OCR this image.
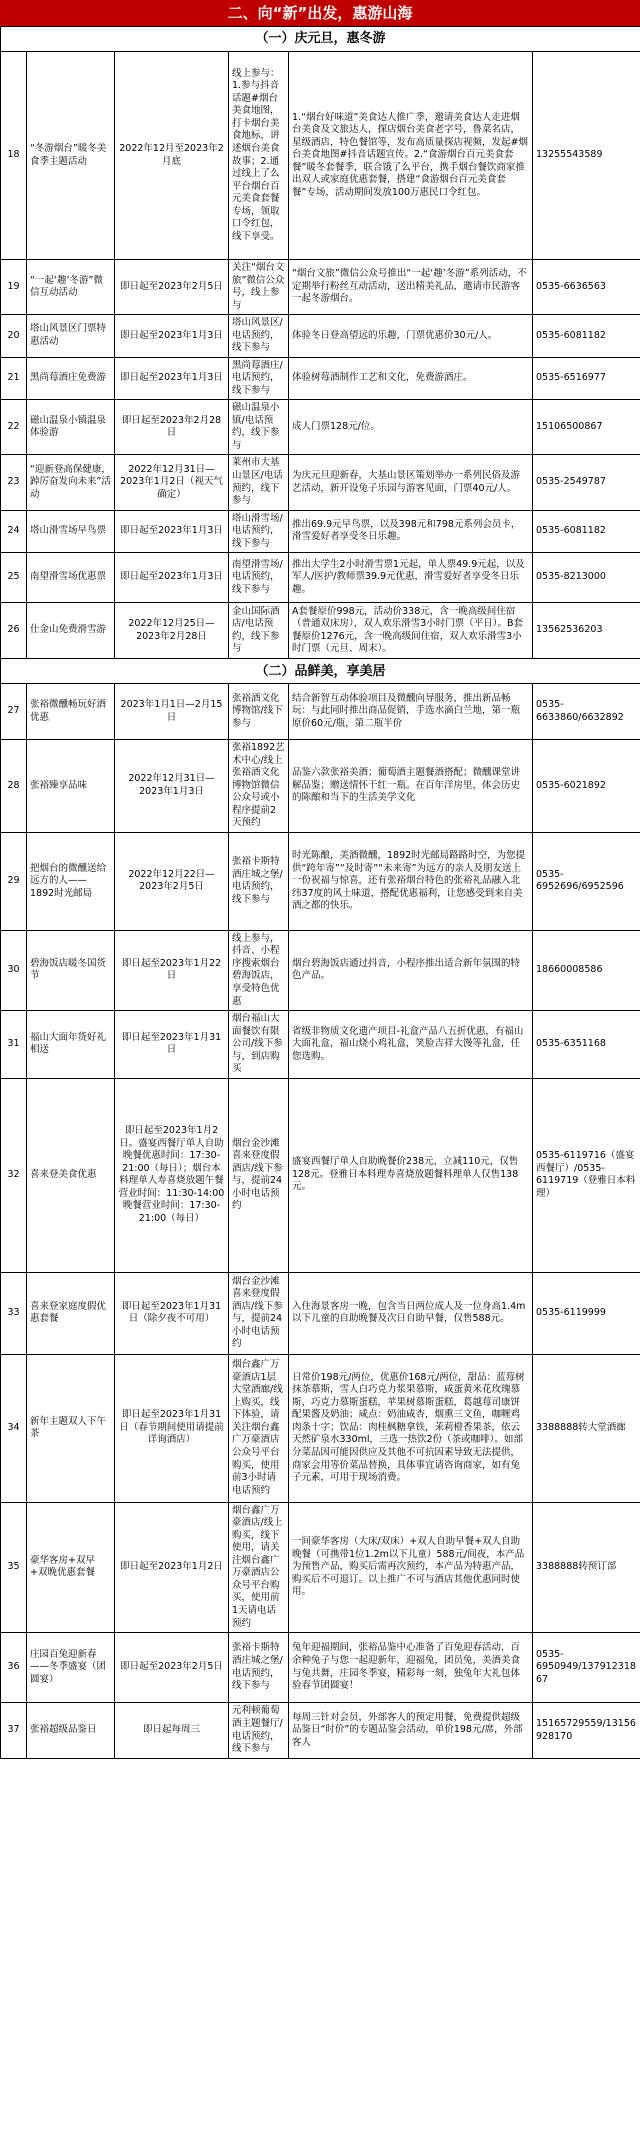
二、向“新”出发，惠游山海
（一）庆元旦，惠冬游					
18	“冬游烟台”暖冬美食季主题活动	2022年12月至2023年2月底	线上参与：1.参与抖音话题#烟台美食地图，打卡烟台美食地标，讲述烟台美食故事；2.通过线上了么平台烟台百元美食套餐专场，领取口令红包，线下享受。	1.“烟台好味道”美食达人推广季，邀请美食达人走进烟台美食及文旅达人，探店烟台美食老字号，鲁菜名店，星级酒店，特色餐馆等，发布高质量探店视频，发起#烟台美食地图#抖音话题宣传。2.“食游烟台百元美食套餐”暖冬套餐季，联合饿了么平台，携手烟台餐饮商家推出双人或家庭优惠套餐，搭建“食游烟台百元美食套餐”专场，活动期间发放100万惠民口令红包。	13255543589
19	“一起‘趣’冬游”微信互动活动	即日起至2023年2月5日	关注“烟台文旅”微信公众号，线上参与	“烟台文旅”微信公众号推出“一起‘趣’冬游”系列活动，不定期举行粉丝互动活动，送出精美礼品，邀请市民游客一起冬游烟台。	0535-6636563
20	塔山风景区门票特惠活动	即日起至2023年1月3日	塔山风景区/电话预约，线下参与	体验冬日登高望远的乐趣，门票优惠价30元/人。	0535-6081182
21	黑尚莓酒庄免费游	即日起至2023年1月3日	黑尚莓酒庄/电话预约，线下参与	体验树莓酒制作工艺和文化，免费游酒庄。	0535-6516977
22	磁山温泉小镇温泉体验游	即日起至2023年2月28日	磁山温泉小镇/电话预约，线下参与	成人门票128元/位。	15106500867
23	“迎新登高保健康，踔厉奋发向未来”活动	2022年12月31日—2023年1月2日（视天气确定）	莱州市大基山景区/电话预约，线下参与	为庆元旦迎新春，大基山景区策划举办一系列民俗及游艺活动，新开设兔子乐园与游客见面，门票40元/人。	0535-2549787
24	塔山滑雪场早鸟票	即日起至2023年1月3日	塔山滑雪场/电话预约，线下参与	推出69.9元早鸟票，以及398元和798元系列会员卡，滑雪爱好者享受冬日乐趣。	0535-6081182
25	南望滑雪场优惠票	即日起至2023年1月3日	南望滑雪场/电话预约，线下参与	推出大学生2小时滑雪票1元起，单人票49.9元起，以及军人/医护/教师票39.9元优惠，滑雪爱好者享受冬日乐趣。	0535-8213000
26	仕金山免费滑雪游	2022年12月25日—2023年2月28日	金山国际酒店/电话预约，线下参与	A套餐原价998元，活动价338元，含一晚高级间住宿（普通双床房），双人欢乐滑雪3小时门票（平日）。B套餐原价1276元，含一晚高级间住宿，双人欢乐滑雪3小时门票（元旦、周末）。	13562536203
（二）品鲜美，享美居					
27	张裕微醺畅玩好酒优惠	2023年1月1日—2月15日	张裕酒文化博物馆/线下参与	结合新智互动体验项目及微醺向导服务，推出新品畅玩：与此同时推出商品促销，手选水滴白兰地，第一瓶原价60元/瓶，第二瓶半价	0535-6633860/6632892
28	张裕臻享品味	2022年12月31日—2023年1月3日	张裕1892艺术中心/线上张裕酒文化博物馆微信公众号或小程序提前2天预约	品鉴六款张裕美酒；葡萄酒主题餐酒搭配；微醺课堂讲解品鉴；赠送情怀干红一瓶。在百年洋房里，体会历史的陈酿和当下的生活美学文化	0535-6021892
29	把烟台的微醺送给远方的人——1892时光邮局	2022年12月22日—2023年2月5日	张裕卡斯特酒庄城之堡/电话预约，线下参与	时光陈酿，美酒微醺，1892时光邮局路路时空，为您提供“跨年寄”“及时寄”“未来寄”为远方的亲人及朋友送上一份祝福与惊喜，还有张裕烟台特色的张裕礼品融入北纬37度的风土味道，搭配优惠福利，让您感受到来自美酒之都的快乐。	0535-6952696/6952596
30	碧海饭店暖冬国货节	即日起至2023年1月22日	线上参与，抖音、小程序搜索烟台碧海饭店，享受特色优惠	烟台碧海饭店通过抖音，小程序推出适合新年氛围的特色产品。	18660008586
31	福山大面年货好礼相送	即日起至2023年1月31日	烟台福山大面餐饮有限公司/线下参与，到店购买	省级非物质文化遗产项目-礼盒产品八五折优惠，有福山大面礼盒，福山烧小鸡礼盒，笑脸吉祥大馒等礼盒，任您选购。	0535-6351168
32	喜来登美食优惠	即日起至2023年1月2日。盛宴西餐厅单人自助晚餐优惠时间：17:30-21:00（每日）；烟台本料理单人寿喜烧放题午餐营业时间：11:30-14:00晚餐营业时间：17:30-21:00（每日）	烟台金沙滩喜来登度假酒店/线下参与，提前24小时电话预约	盛宴西餐厅单人自助晚餐价238元，立减110元，仅售128元。登雅日本料理寿喜烧放题餐料理单人仅售138元。	0535-6119716（盛宴西餐厅）/0535-6119719（登雅日本料理）
33	喜来登家庭度假优惠套餐	即日起至2023年1月31日（除夕夜不可用）	烟台金沙滩喜来登度假酒店/线下参与，提前24小时电话预约	入住海景客房一晚，包含当日两位成人及一位身高1.4m以下儿童的自助晚餐及次日自助早餐，仅售588元。	0535-6119999
34	新年主题双人下午茶	即日起至2023年1月31日（春节期间使用请提前详询酒店）	烟台鑫广万豪酒店1层大堂酒廊/线上购买，线下体验，请关注烟台鑫广万豪酒店公众号平台购买，使用前3小时请电话预约	日常价198元/两位，优惠价168元/两位，甜品：蓝莓树抹茶慕斯，雪人白巧克力浆果慕斯，咸蛋黄米花玫瑰慕斯，巧克力慕斯蛋糕，苹果树慕斯蛋糕，葛越莓司康饼配果酱及奶油；咸点：奶油咸杏，烟熏三文鱼，咖喱鸡肉条十字；饮品：肉桂枫糖拿铁，茉莉橙香果茶，依云天然矿泉水330ml，三选一热饮2份（茶或咖啡）。如部分菜品因可能因供应及其他不可抗因素导致无法提供，商家会用等价菜品替换，具体事宜请咨询商家，如有兔子元素，可用于现场消费。	3388888转大堂酒廊
35	豪华客房+双早+双晚优惠套餐	即日起至2023年1月2日	烟台鑫广万豪酒店/线上购买，线下使用，请关注烟台鑫广万豪酒店公众号平台购买，使用前1天请电话预约	一间豪华客房（大床/双床）+双人自助早餐+双人自助晚餐（可携带1位1.2m以下儿童）588元/间夜，本产品为预售产品，购买后需再次预约，本产品为特惠产品，购买后不可退订。以上推广不可与酒店其他优惠同时使用。	3388888转预订部
36	庄园百兔迎新春——冬季盛宴（团圆宴）	即日起至2023年2月5日	张裕卡斯特酒庄城之堡/电话预约，线下参与	兔年迎福期间，张裕品鉴中心准备了百兔迎春活动，百余种兔子与您一起迎新年，迎福兔，团员兔，美酒美食与兔共舞，庄园冬季宴，精彩每一刻，独兔年大礼包体验春节团圆宴！	0535-6950949/13791231867
37	张裕超级品鉴日	即日起每周三	元利顿葡萄酒主题餐厅/电话预约，线下参与	每周三针对会员，外部客人的预定用餐，免费提供超级品鉴日“时价”的专题品鉴会活动，单价198元/席，外部客人	15165729559/13156928170
